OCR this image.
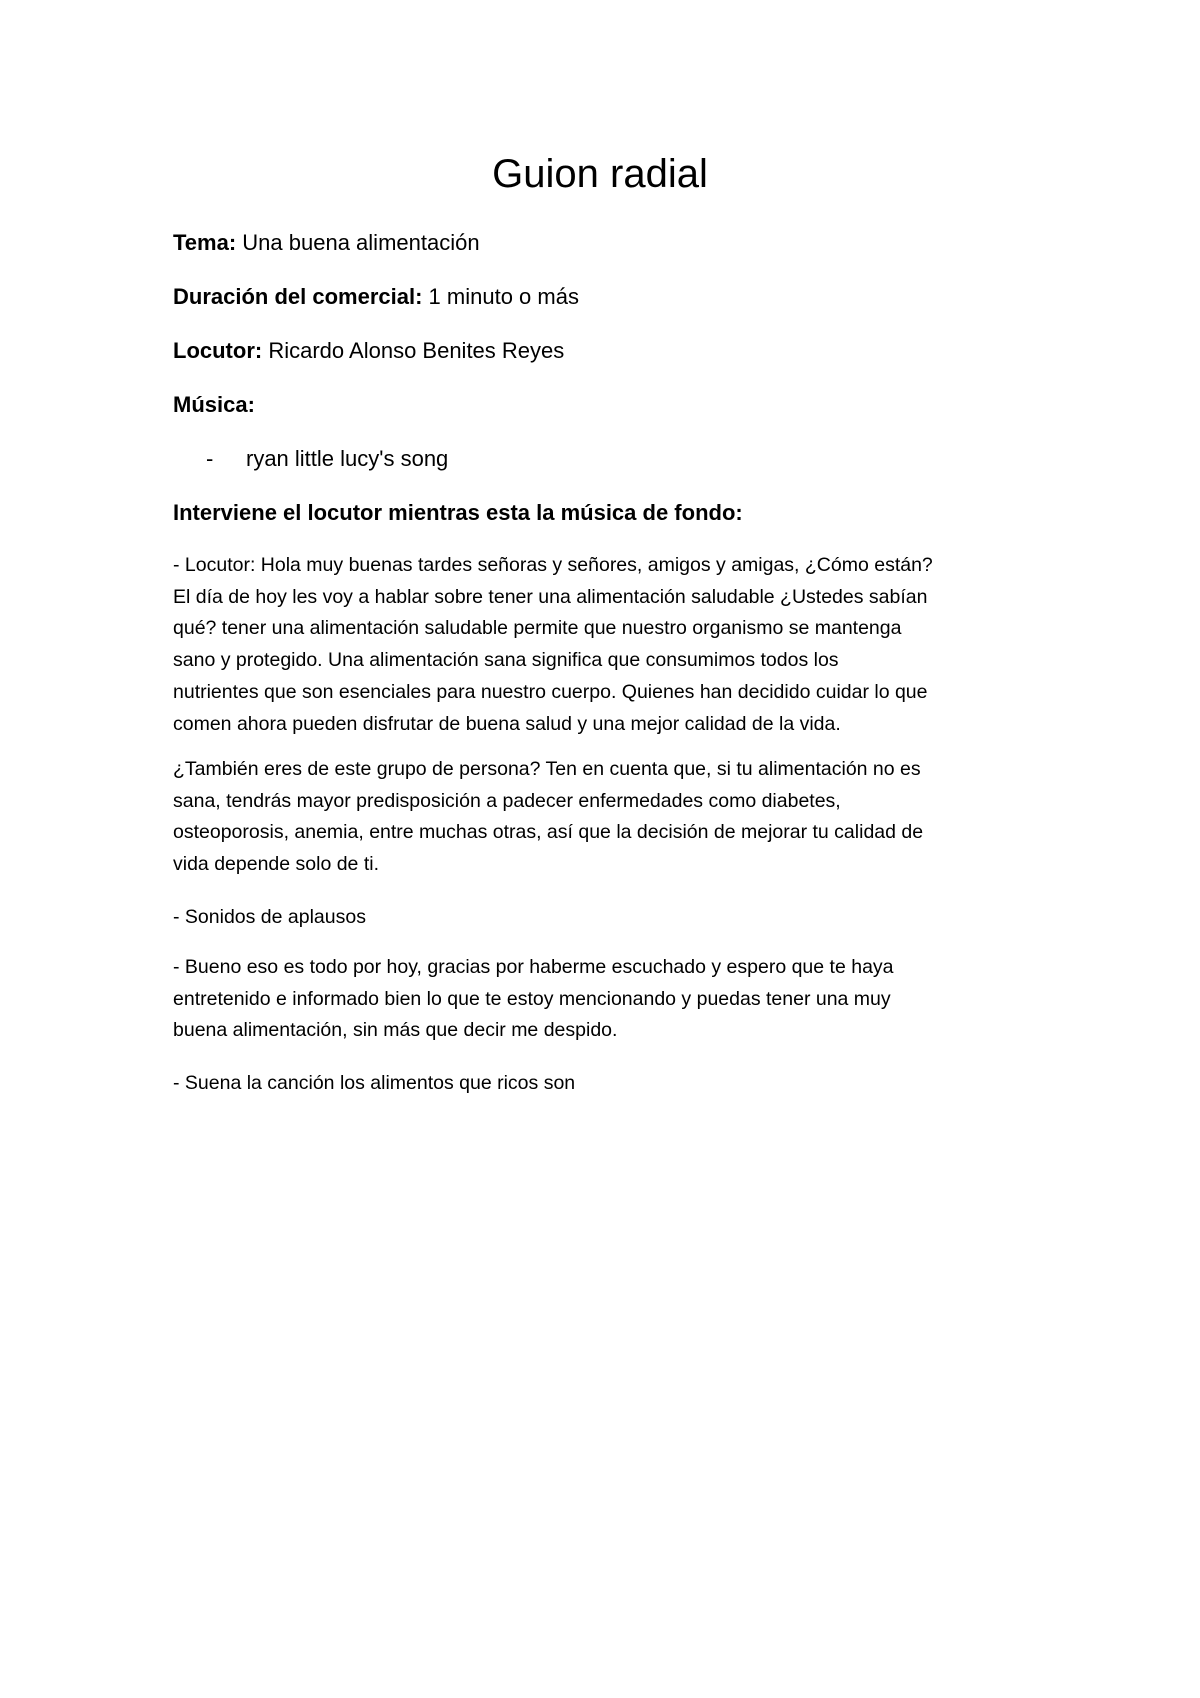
Guion radial

Tema: Una buena alimentación

Duración del comercial: 1 minuto o más

Locutor: Ricardo Alonso Benites Reyes

Música:

- ryan little lucy's song

Interviene el locutor mientras esta la música de fondo:

- Locutor: Hola muy buenas tardes señoras y señores, amigos y amigas, ¿Cómo están?
El día de hoy les voy a hablar sobre tener una alimentación saludable ¿Ustedes sabían
qué? tener una alimentación saludable permite que nuestro organismo se mantenga
sano y protegido. Una alimentación sana significa que consumimos todos los
nutrientes que son esenciales para nuestro cuerpo. Quienes han decidido cuidar lo que
comen ahora pueden disfrutar de buena salud y una mejor calidad de la vida.
¿También eres de este grupo de persona? Ten en cuenta que, si tu alimentación no es
sana, tendrás mayor predisposición a padecer enfermedades como diabetes,
osteoporosis, anemia, entre muchas otras, así que la decisión de mejorar tu calidad de
vida depende solo de ti.
- Sonidos de aplausos
- Bueno eso es todo por hoy, gracias por haberme escuchado y espero que te haya
entretenido e informado bien lo que te estoy mencionando y puedas tener una muy
buena alimentación, sin más que decir me despido.
- Suena la canción los alimentos que ricos son
